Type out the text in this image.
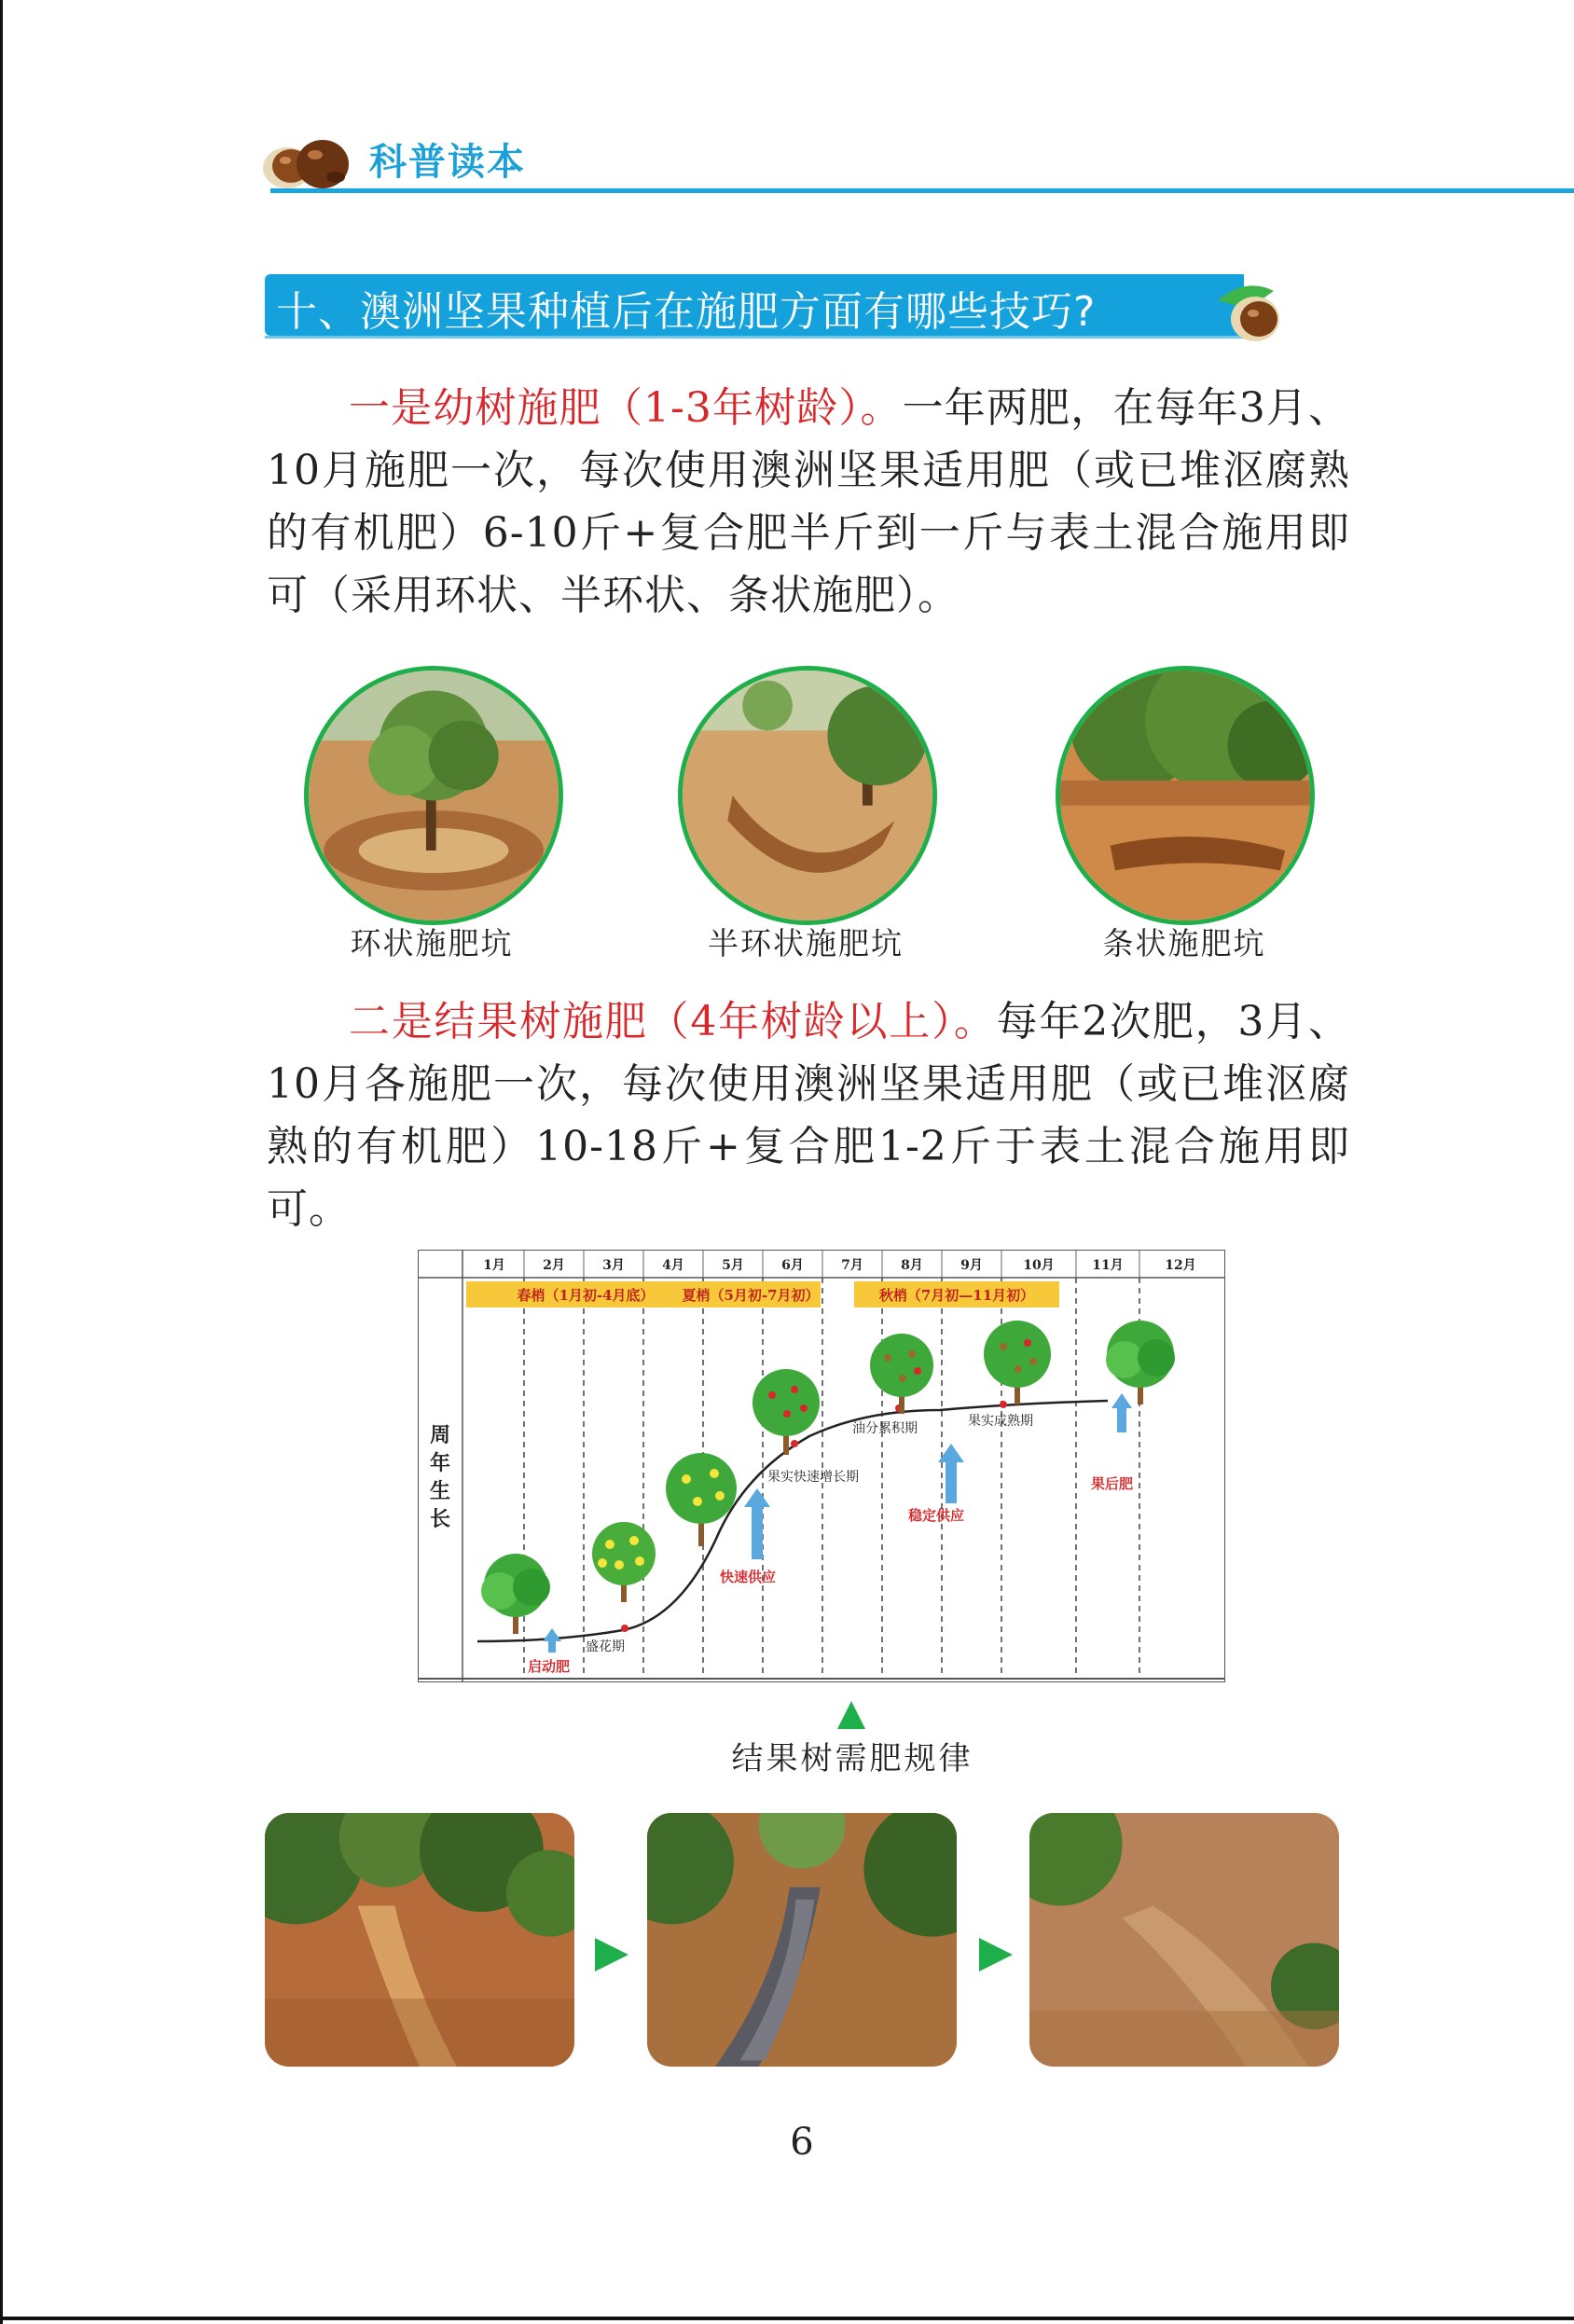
科普读本
十、澳洲坚果种植后在施肥方面有哪些技巧?
一是幼树施肥（1-3年树龄）。一年两肥，在每年3月、10月施肥一次，每次使用澳洲坚果适用肥（或已堆沤腐熟的有机肥）6-10斤+复合肥半斤到一斤与表土混合施用即可（采用环状、半环状、条状施肥）。
环状施肥坑	半环状施肥坑	条状施肥坑
二是结果树施肥（4年树龄以上）。每年2次肥，3月、10月各施肥一次，每次使用澳洲坚果适用肥（或已堆沤腐熟的有机肥）10-18斤+复合肥1-2斤于表土混合施用即可。
1月	2月	3月	4月	5月	6月	7月	8月	9月	10月	11月	12月
春梢（1月初-4月底） 夏梢（5月初-7月初）	秋梢（7月初—11月初）
周
年
生
长
盛花期
果实快速增长期
油分累积期	果实成熟期
启动肥
快速供应
稳定供应
果后肥
结果树需肥规律
6
